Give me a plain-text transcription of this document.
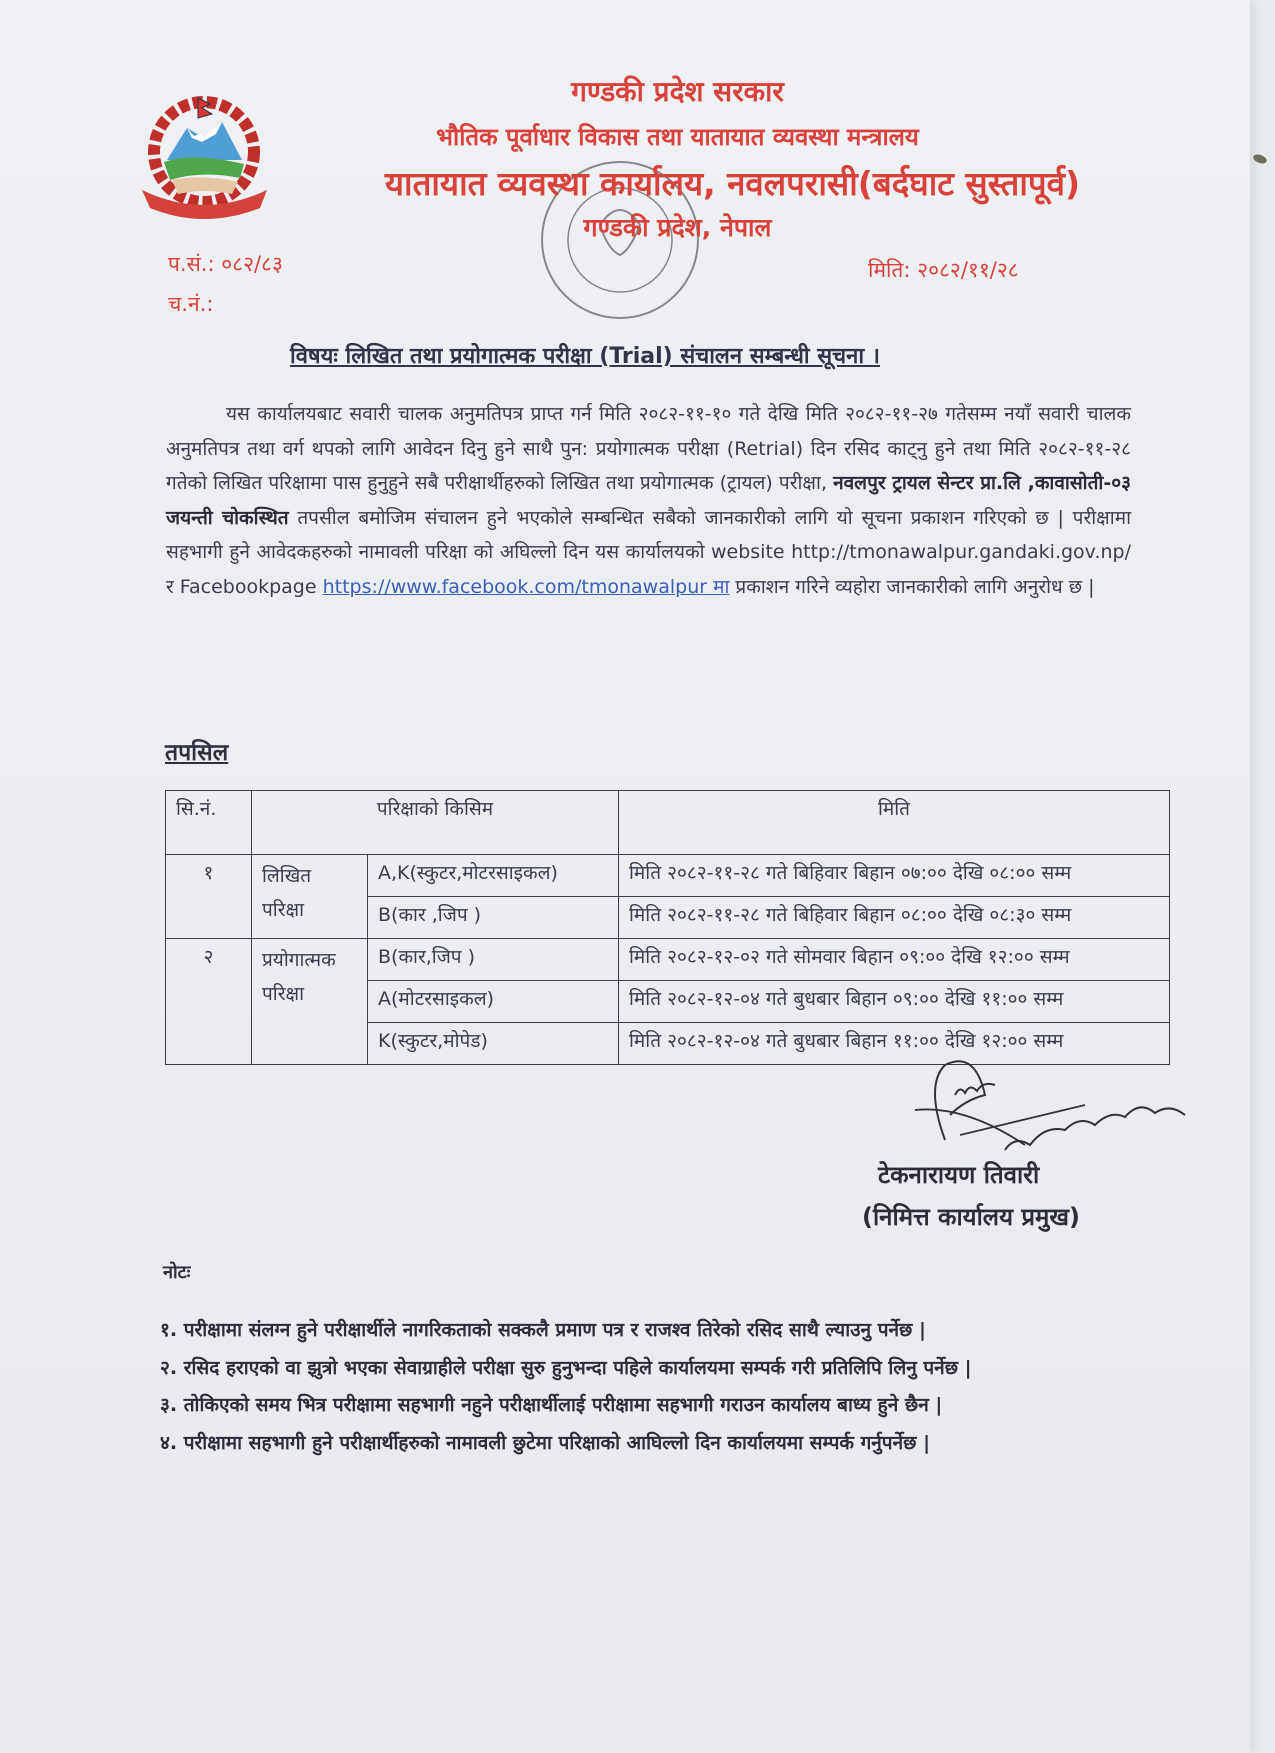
गण्डकी प्रदेश सरकार
भौतिक पूर्वाधार विकास तथा यातायात व्यवस्था मन्त्रालय
यातायात व्यवस्था कार्यालय, नवलपरासी(बर्दघाट सुस्तापूर्व)
गण्डकी प्रदेश, नेपाल
प.सं.: ०८२/८३
च.नं.:
मिति: २०८२/११/२८
विषयः लिखित तथा प्रयोगात्मक परीक्षा (Trial) संचालन सम्बन्धी सूचना ।

यस कार्यालयबाट सवारी चालक अनुमतिपत्र प्राप्त गर्न मिति २०८२-११-१० गते देखि मिति २०८२-११-२७ गतेसम्म नयाँ सवारी चालक अनुमतिपत्र तथा वर्ग थपको लागि आवेदन दिनु हुने साथै पुन: प्रयोगात्मक परीक्षा (Retrial) दिन रसिद काट्नु हुने तथा मिति २०८२-११-२८ गतेको लिखित परिक्षामा पास हुनुहुने सबै परीक्षार्थीहरुको लिखित तथा प्रयोगात्मक (ट्रायल) परीक्षा, नवलपुर ट्रायल सेन्टर प्रा.लि ,कावासोती-०३ जयन्ती चोकस्थित तपसील बमोजिम संचालन हुने भएकोले सम्बन्धित सबैको जानकारीको लागि यो सूचना प्रकाशन गरिएको छ | परीक्षामा सहभागी हुने आवेदकहरुको नामावली परिक्षा को अघिल्लो दिन यस कार्यालयको website http://tmonawalpur.gandaki.gov.np/ र Facebookpage https://www.facebook.com/tmonawalpur मा प्रकाशन गरिने व्यहोरा जानकारीको लागि अनुरोध छ |

तपसिल
सि.नं.	परिक्षाको किसिम		मिति
१	लिखित परिक्षा	A,K(स्कुटर,मोटरसाइकल)	मिति २०८२-११-२८ गते बिहिवार बिहान ०७:०० देखि ०८:०० सम्म
		B(कार ,जिप )	मिति २०८२-११-२८ गते बिहिवार बिहान ०८:०० देखि ०८:३० सम्म
२	प्रयोगात्मक परिक्षा	B(कार,जिप )	मिति २०८२-१२-०२ गते सोमवार बिहान ०९:०० देखि १२:०० सम्म
		A(मोटरसाइकल)	मिति २०८२-१२-०४ गते बुधबार बिहान ०९:०० देखि ११:०० सम्म
		K(स्कुटर,मोपेड)	मिति २०८२-१२-०४ गते बुधबार बिहान ११:०० देखि १२:०० सम्म
टेकनारायण तिवारी
(निमित्त कार्यालय प्रमुख)
नोटः
१. परीक्षामा संलग्न हुने परीक्षार्थीले नागरिकताको सक्कलै प्रमाण पत्र र राजश्व तिरेको रसिद साथै ल्याउनु पर्नेछ |
२. रसिद हराएको वा झुत्रो भएका सेवाग्राहीले परीक्षा सुरु हुनुभन्दा पहिले कार्यालयमा सम्पर्क गरी प्रतिलिपि लिनु पर्नेछ |
३. तोकिएको समय भित्र परीक्षामा सहभागी नहुने परीक्षार्थीलाई परीक्षामा सहभागी गराउन कार्यालय बाध्य हुने छैन |
४. परीक्षामा सहभागी हुने परीक्षार्थीहरुको नामावली छुटेमा परिक्षाको आघिल्लो दिन कार्यालयमा सम्पर्क गर्नुपर्नेछ |
